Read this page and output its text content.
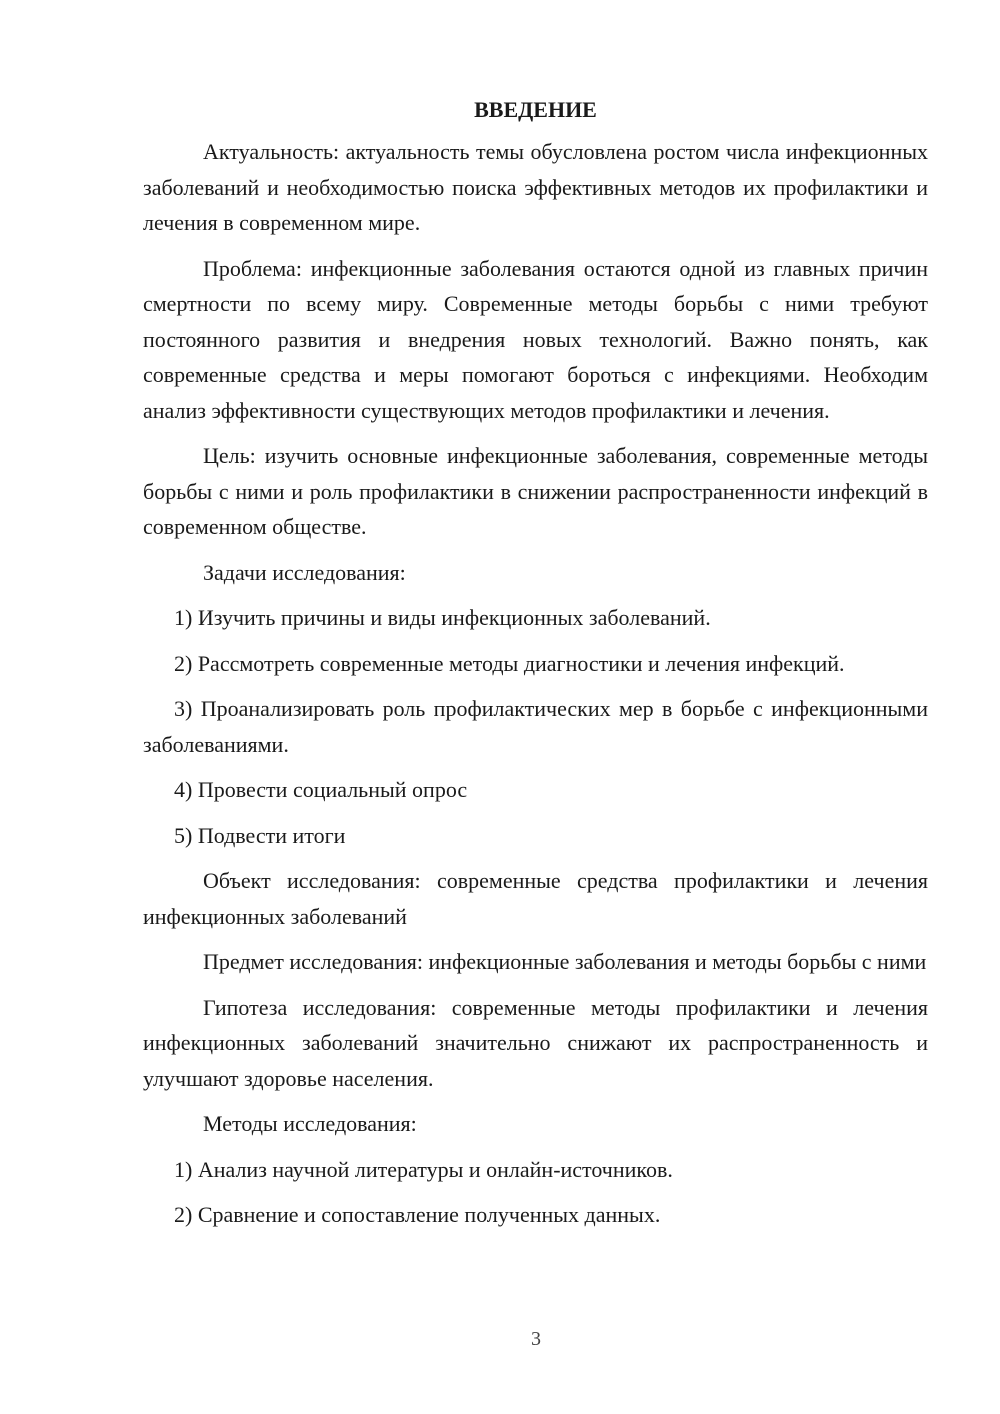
ВВЕДЕНИЕ
Актуальность: актуальность темы обусловлена ростом числа инфекционных заболеваний и необходимостью поиска эффективных методов их профилактики и лечения в современном мире.
Проблема: инфекционные заболевания остаются одной из главных причин смертности по всему миру. Современные методы борьбы с ними требуют постоянного развития и внедрения новых технологий. Важно понять, как современные средства и меры помогают бороться с инфекциями. Необходим анализ эффективности существующих методов профилактики и лечения.
Цель: изучить основные инфекционные заболевания, современные методы борьбы с ними и роль профилактики в снижении распространенности инфекций в современном обществе.
Задачи исследования:
1) Изучить причины и виды инфекционных заболеваний.
2) Рассмотреть современные методы диагностики и лечения инфекций.
3) Проанализировать роль профилактических мер в борьбе с инфекционными заболеваниями.
4) Провести социальный опрос
5) Подвести итоги
Объект исследования: современные средства профилактики и лечения инфекционных заболеваний
Предмет исследования: инфекционные заболевания и методы борьбы с ними
Гипотеза исследования: современные методы профилактики и лечения инфекционных заболеваний значительно снижают их распространенность и улучшают здоровье населения.
Методы исследования:
1) Анализ научной литературы и онлайн-источников.
2) Сравнение и сопоставление полученных данных.
3
